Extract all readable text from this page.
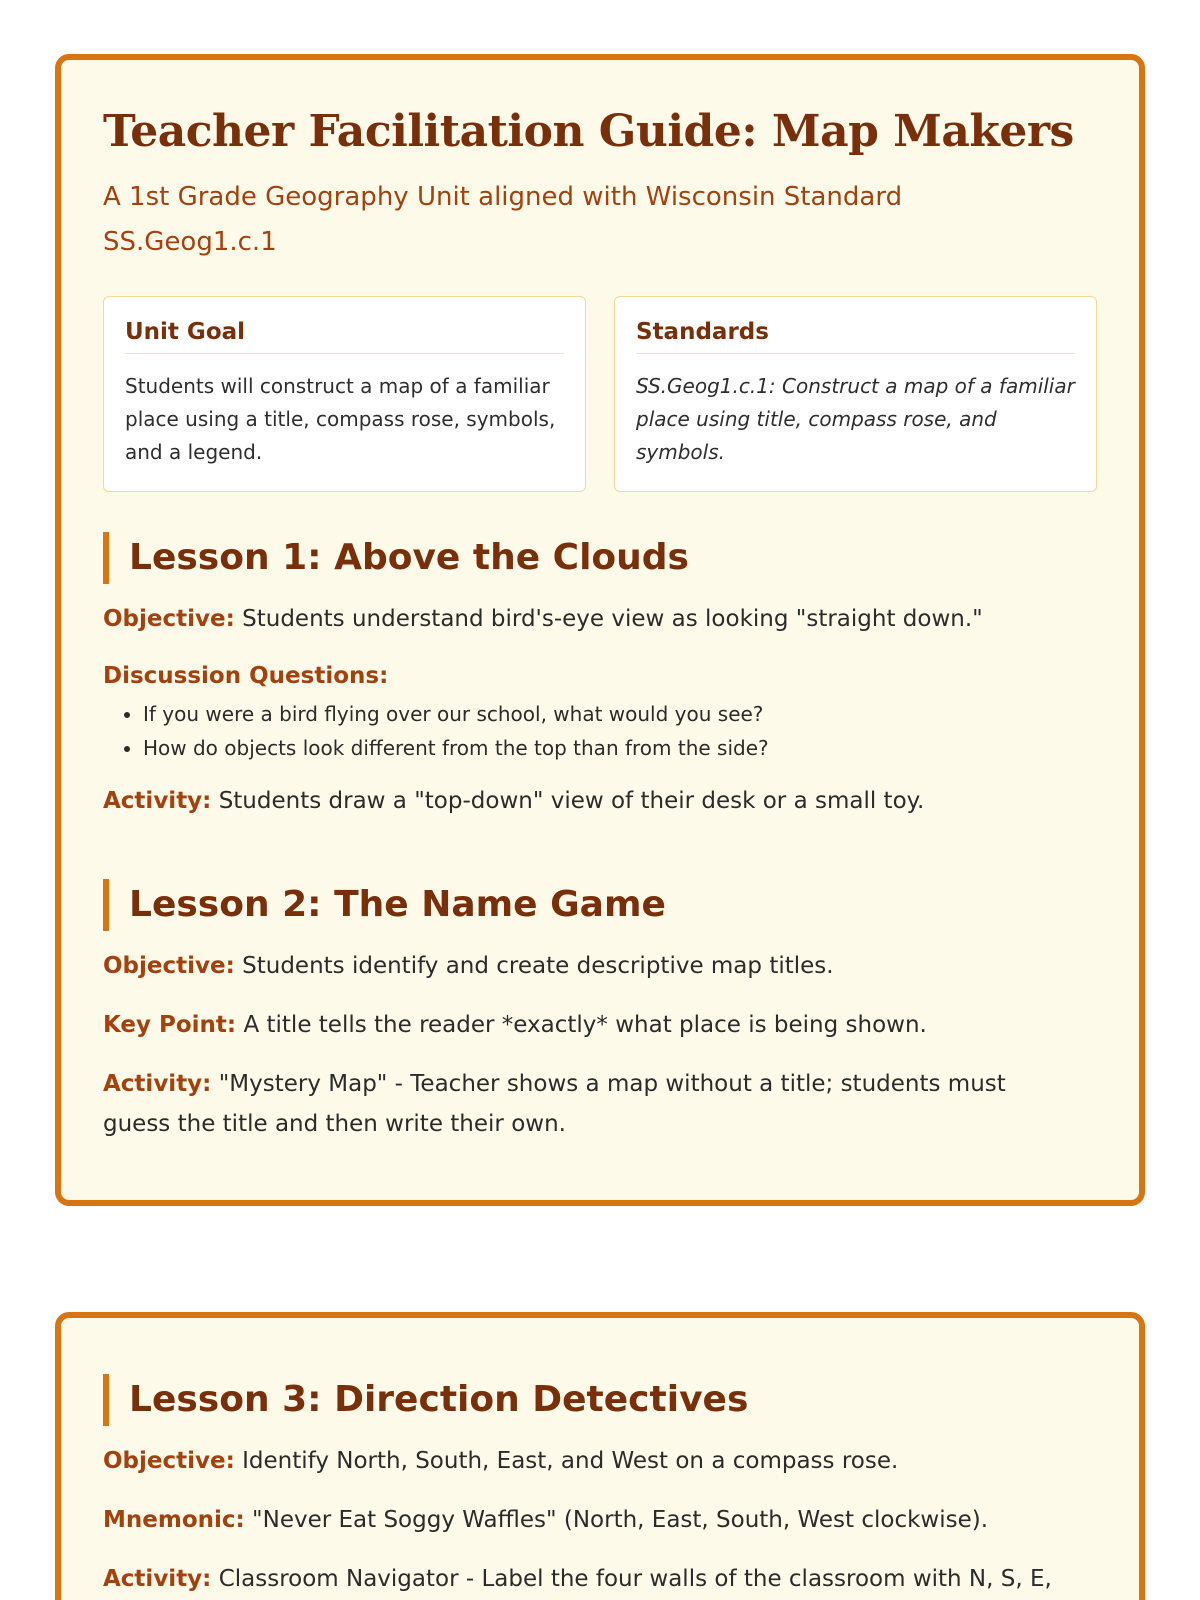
Teacher Facilitation Guide: Map Makers

A 1st Grade Geography Unit aligned with Wisconsin Standard SS.Geog1.c.1

Unit Goal

Students will construct a map of a familiar place using a title, compass rose, symbols, and a legend.

Standards

SS.Geog1.c.1: Construct a map of a familiar place using title, compass rose, and symbols.

Lesson 1: Above the Clouds

Objective: Students understand bird's-eye view as looking "straight down."

Discussion Questions:

• If you were a bird flying over our school, what would you see?
• How do objects look different from the top than from the side?

Activity: Students draw a "top-down" view of their desk or a small toy.

Lesson 2: The Name Game

Objective: Students identify and create descriptive map titles.

Key Point: A title tells the reader *exactly* what place is being shown.

Activity: "Mystery Map" - Teacher shows a map without a title; students must guess the title and then write their own.

Lesson 3: Direction Detectives

Objective: Identify North, South, East, and West on a compass rose.

Mnemonic: "Never Eat Soggy Waffles" (North, East, South, West clockwise).

Activity: Classroom Navigator - Label the four walls of the classroom with N, S, E,
